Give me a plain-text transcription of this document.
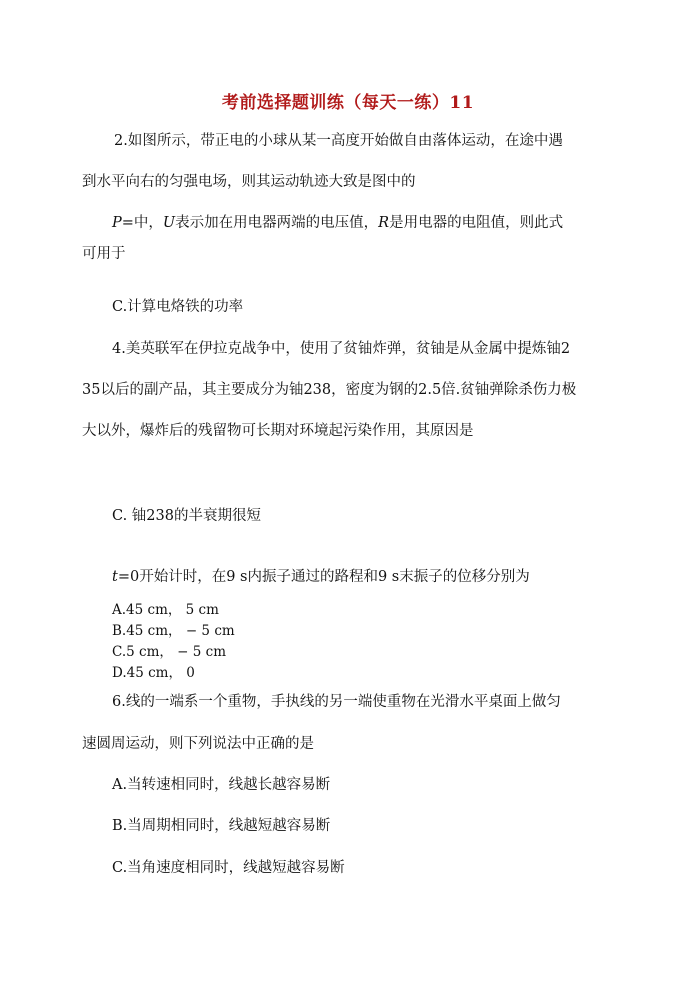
考前选择题训练（每天一练）11
2.如图所示，带正电的小球从某一高度开始做自由落体运动，在途中遇
到水平向右的匀强电场，则其运动轨迹大致是图中的
P=中，U表示加在用电器两端的电压值，R是用电器的电阻值，则此式
可用于
C.计算电烙铁的功率
4.美英联军在伊拉克战争中，使用了贫铀炸弹，贫铀是从金属中提炼铀2
35以后的副产品，其主要成分为铀238，密度为钢的2.5倍.贫铀弹除杀伤力极
大以外，爆炸后的残留物可长期对环境起污染作用，其原因是
C. 铀238的半衰期很短
t=0开始计时，在9 s内振子通过的路程和9 s末振子的位移分别为
A.45 cm， 5 cm
B.45 cm， − 5 cm
C.5 cm， − 5 cm
D.45 cm， 0
6.线的一端系一个重物，手执线的另一端使重物在光滑水平桌面上做匀
速圆周运动，则下列说法中正确的是
A.当转速相同时，线越长越容易断
B.当周期相同时，线越短越容易断
C.当角速度相同时，线越短越容易断
